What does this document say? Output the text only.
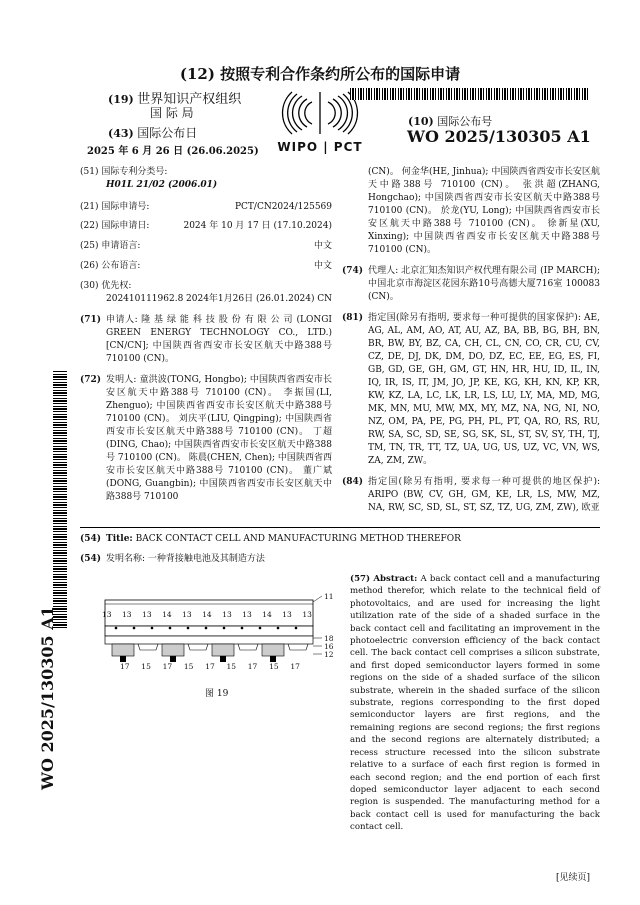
(12) 按照专利合作条约所公布的国际申请
(19) 世界知识产权组织
国 际 局
(43) 国际公布日
2025 年 6 月 26 日 (26.06.2025) WIPO | PCT
(10) 国际公布号
WO 2025/130305 A1
(51) 国际专利分类号:
H01L 21/02 (2006.01)
(21) 国际申请号:	PCT/CN2024/125569
(22) 国际申请日:	2024 年 10 月 17 日 (17.10.2024)
(25) 申请语言:	中文
(26) 公布语言:	中文
(30) 优先权:
202410111962.8 2024年1月26日 (26.01.2024) CN
(71) 申请人: 隆 基 绿 能 科 技 股 份 有 限 公 司 (LONGI GREEN ENERGY TECHNOLOGY CO., LTD.) [CN/CN]; 中国陕西省西安市长安区航天中路388号 710100 (CN)。
(72) 发明人: 童洪波(TONG, Hongbo); 中国陕西省西安市长安区航天中路388号 710100 (CN)。 李振国(LI, Zhenguo); 中国陕西省西安市长安区航天中路388号 710100 (CN)。 刘庆平(LIU, Qingping); 中国陕西省西安市长安区航天中路388号 710100 (CN)。 丁超(DING, Chao); 中国陕西省西安市长安区航天中路388号 710100 (CN)。 陈晨(CHEN, Chen); 中国陕西省西安市长安区航天中路388号 710100 (CN)。 董广斌(DONG, Guangbin); 中国陕西省西安市长安区航天中路388号 710100
(CN)。 何金华(HE, Jinhua); 中国陕西省西安市长安区航天中路388号 710100 (CN)。 张洪超(ZHANG, Hongchao); 中国陕西省西安市长安区航天中路388号 710100 (CN)。 於龙(YU, Long); 中国陕西省西安市长安区航天中路388号 710100 (CN)。 徐新星(XU, Xinxing); 中国陕西省西安市长安区航天中路388号 710100 (CN)。
(74) 代理人: 北京汇知杰知识产权代理有限公司 (IP MARCH); 中国北京市海淀区花园东路10号高德大厦716室 100083 (CN)。
(81) 指定国(除另有指明, 要求每一种可提供的国家保护): AE, AG, AL, AM, AO, AT, AU, AZ, BA, BB, BG, BH, BN, BR, BW, BY, BZ, CA, CH, CL, CN, CO, CR, CU, CV, CZ, DE, DJ, DK, DM, DO, DZ, EC, EE, EG, ES, FI, GB, GD, GE, GH, GM, GT, HN, HR, HU, ID, IL, IN, IQ, IR, IS, IT, JM, JO, JP, KE, KG, KH, KN, KP, KR, KW, KZ, LA, LC, LK, LR, LS, LU, LY, MA, MD, MG, MK, MN, MU, MW, MX, MY, MZ, NA, NG, NI, NO, NZ, OM, PA, PE, PG, PH, PL, PT, QA, RO, RS, RU, RW, SA, SC, SD, SE, SG, SK, SL, ST, SV, SY, TH, TJ, TM, TN, TR, TT, TZ, UA, UG, US, UZ, VC, VN, WS, ZA, ZM, ZW。
(84) 指定国(除另有指明, 要求每一种可提供的地区保护): ARIPO (BW, CV, GH, GM, KE, LR, LS, MW, MZ, NA, RW, SC, SD, SL, ST, SZ, TZ, UG, ZM, ZW), 欧亚
WO 2025/130305 A1
(54) Title: BACK CONTACT CELL AND MANUFACTURING METHOD THEREFOR
(54) 发明名称: 一种背接触电池及其制造方法
13 13 13 14 13 14 13 13 14 13 13
17 15 17 15 17 15 17 15 17
11
18
16
12
图 19
(57) Abstract: A back contact cell and a manufacturing method therefor, which relate to the technical field of photovoltaics, and are used for increasing the light utilization rate of the side of a shaded surface in the back contact cell and facilitating an improvement in the photoelectric conversion efficiency of the back contact cell. The back contact cell comprises a silicon substrate, and first doped semiconductor layers formed in some regions on the side of a shaded surface of the silicon substrate, wherein in the shaded surface of the silicon substrate, regions corresponding to the first doped semiconductor layers are first regions, and the remaining regions are second regions; the first regions and the second regions are alternately distributed; a recess structure recessed into the silicon substrate relative to a surface of each first region is formed in each second region; and the end portion of each first doped semiconductor layer adjacent to each second region is suspended. The manufacturing method for a back contact cell is used for manufacturing the back contact cell.
[见续页]
